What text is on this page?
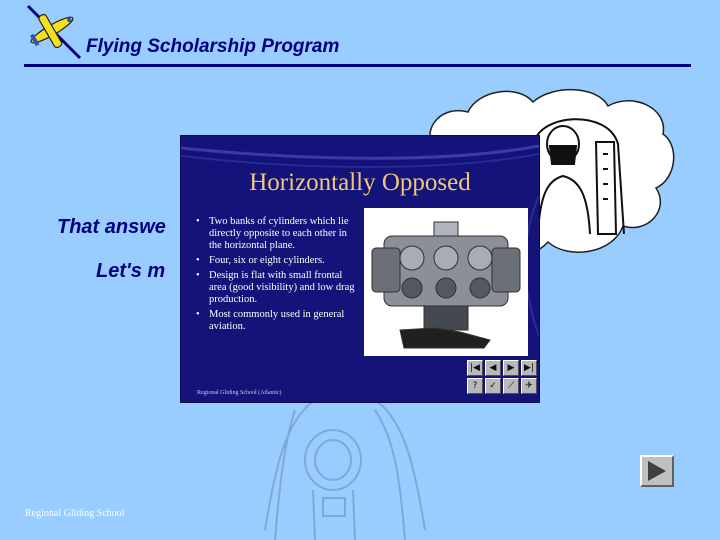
Flying Scholarship Program
That answe
Let's m
Horizontally Opposed
• Two banks of cylinders which lie directly opposite to each other in the horizontal plane.
• Four, six or eight cylinders.
• Design is flat with small frontal area (good visibility) and low drag production.
• Most commonly used in general aviation.
|◀	◀	▶	▶|
?	✓	⟋	✈
Regional Gliding School (Atlantic)
Regional Gliding School
